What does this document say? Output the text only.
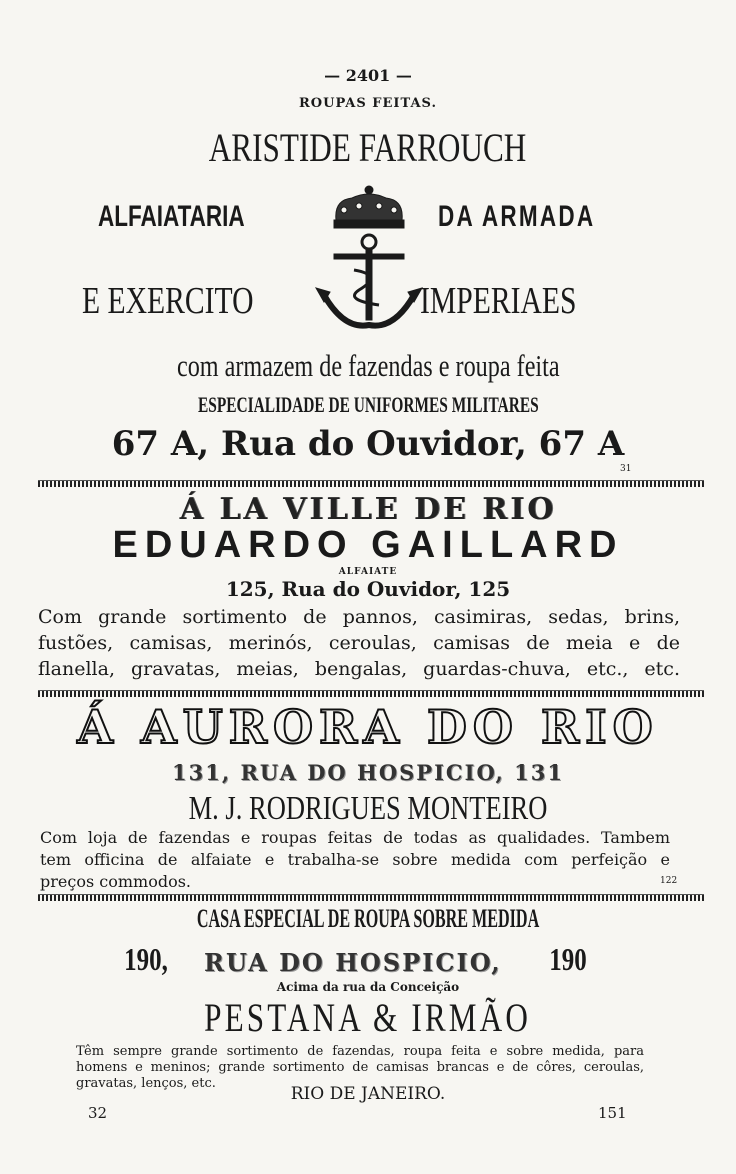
— 2401 —
ROUPAS FEITAS.
ARISTIDE FARROUCH
ALFAIATARIA	DA ARMADA
E EXERCITO	IMPERIAES
com armazem de fazendas e roupa feita
ESPECIALIDADE DE UNIFORMES MILITARES
67 A, Rua do Ouvidor, 67 A
31
Á LA VILLE DE RIO
EDUARDO GAILLARD
ALFAIATE
125, Rua do Ouvidor, 125
Com grande sortimento de pannos, casimiras, sedas, brins,
fustões, camisas, merinós, ceroulas, camisas de meia e de
flanella, gravatas, meias, bengalas, guardas-chuva, etc., etc.
Á AURORA DO RIO
131, RUA DO HOSPICIO, 131
M. J. RODRIGUES MONTEIRO
Com loja de fazendas e roupas feitas de todas as qualidades. Tambem
tem officina de alfaiate e trabalha-se sobre medida com perfeição e
preços commodos.	122
CASA ESPECIAL DE ROUPA SOBRE MEDIDA
190, RUA DO HOSPICIO, 190
Acima da rua da Conceição
PESTANA & IRMÃO
Têm sempre grande sortimento de fazendas, roupa feita e sobre medida, para
homens e meninos; grande sortimento de camisas brancas e de côres, ceroulas,
gravatas, lenços, etc.
RIO DE JANEIRO.
32	151
